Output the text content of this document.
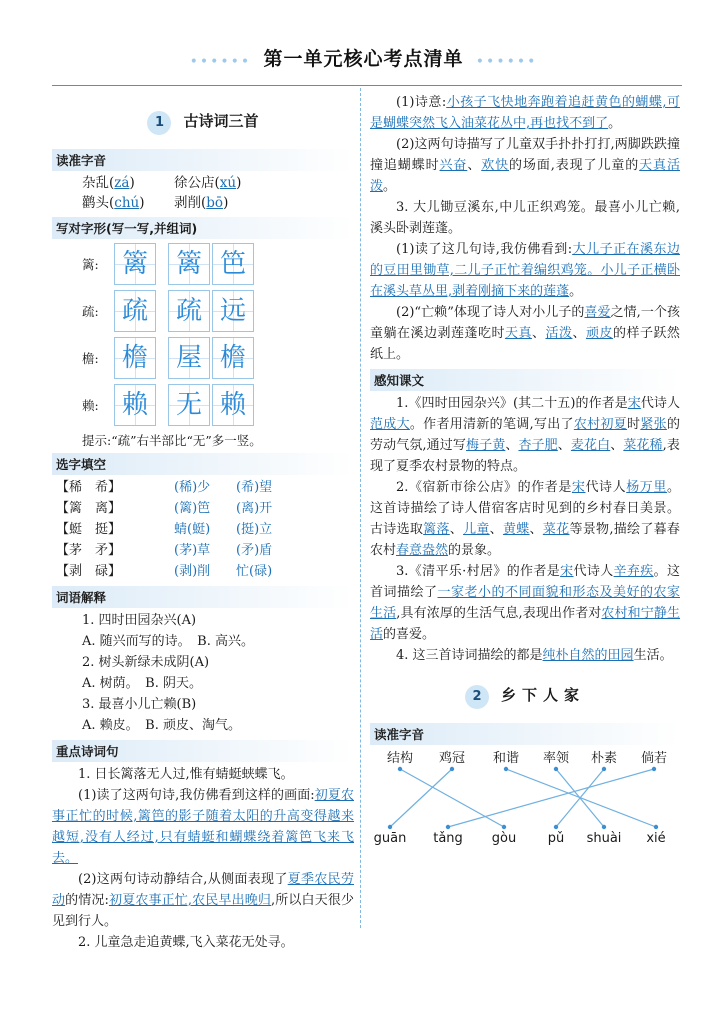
•••••• 第一单元核心考点清单 ••••••
1 古诗词三首
读准字音
杂乱(zá)	徐公店(xú)
鹳头(chú)	剥削(bō)
写对字形(写一写,并组词)
篱: 篱	篱 笆
疏: 疏	疏 远
檐: 檐	屋 檐
赖: 赖	无 赖
提示:“疏”右半部比“无”多一竖。
选字填空
【稀　希】	(稀)少	(希)望
【篱　离】	(篱)笆	(离)开
【蜓　挺】	蜻(蜓)	(挺)立
【茅　矛】	(茅)草	(矛)盾
【剥　碌】	(剥)削	忙(碌)
词语解释
1. 四时田园杂兴(A)
A. 随兴而写的诗。　B. 高兴。
2. 树头新绿未成阴(A)
A. 树荫。　B. 阴天。
3. 最喜小儿亡赖(B)
A. 赖皮。　B. 顽皮、淘气。
重点诗词句
1. 日长篱落无人过,惟有蜻蜓蛱蝶飞。
(1)读了这两句诗,我仿佛看到这样的画面:初夏农事正忙的时候,篱笆的影子随着太阳的升高变得越来越短,没有人经过,只有蜻蜓和蝴蝶绕着篱笆飞来飞去。
(2)这两句诗动静结合,从侧面表现了夏季农民劳动的情况:初夏农事正忙,农民早出晚归,所以白天很少见到行人。
2. 儿童急走追黄蝶,飞入菜花无处寻。
(1)诗意:小孩子飞快地奔跑着追赶黄色的蝴蝶,可是蝴蝶突然飞入油菜花丛中,再也找不到了。
(2)这两句诗描写了儿童双手扑扑打打,两脚跌跌撞撞追蝴蝶时兴奋、欢快的场面,表现了儿童的天真活泼。
3. 大儿锄豆溪东,中儿正织鸡笼。最喜小儿亡赖,溪头卧剥莲蓬。
(1)读了这几句诗,我仿佛看到:大儿子正在溪东边的豆田里锄草,二儿子正忙着编织鸡笼。小儿子正横卧在溪头草丛里,剥着刚摘下来的莲蓬。
(2)“亡赖”体现了诗人对小儿子的喜爱之情,一个孩童躺在溪边剥莲蓬吃时天真、活泼、顽皮的样子跃然纸上。
感知课文
1.《四时田园杂兴》(其二十五)的作者是宋代诗人范成大。作者用清新的笔调,写出了农村初夏时紧张的劳动气氛,通过写梅子黄、杏子肥、麦花白、菜花稀,表现了夏季农村景物的特点。
2.《宿新市徐公店》的作者是宋代诗人杨万里。这首诗描绘了诗人借宿客店时见到的乡村春日美景。古诗选取篱落、儿童、黄蝶、菜花等景物,描绘了暮春农村春意盎然的景象。
3.《清平乐·村居》的作者是宋代诗人辛弃疾。这首词描绘了一家老小的不同面貌和形态及美好的农家生活,具有浓厚的生活气息,表现出作者对农村和宁静生活的喜爱。
4. 这三首诗词描绘的都是纯朴自然的田园生活。
2 乡下人家
读准字音
结构 鸡冠 和谐 率领 朴素 倘若
guān tǎng gòu pǔ shuài xié
